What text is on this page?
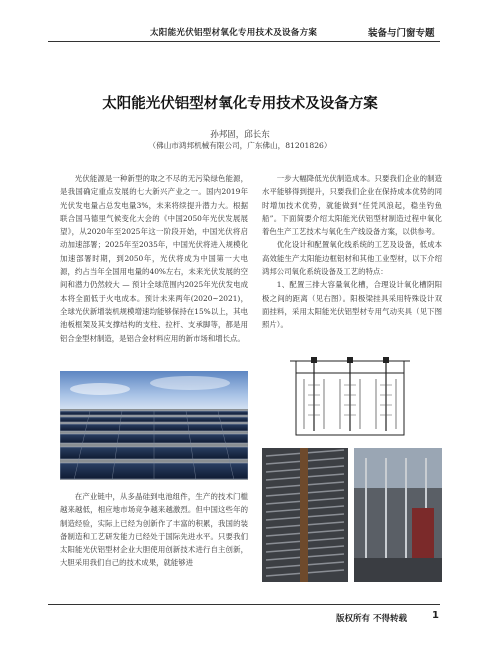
太阳能光伏铝型材氧化专用技术及设备方案	装备与门窗专题
太阳能光伏铝型材氧化专用技术及设备方案
孙邦固，邱长东
（佛山市鸿邦机械有限公司，广东佛山，81201826）

光伏能源是一种新型的取之不尽的无污染绿色能源，是我国确定重点发展的七大新兴产业之一。国内2019年光伏发电量占总发电量3%，未来将续提升潜力大。根据联合国马德里气候变化大会的《中国2050年光伏发展展望》，从2020年至2025年这一阶段开始，中国光伏将启动加速部署；2025年至2035年，中国光伏将进入规模化加速部署时期，到2050年，光伏将成为中国第一大电源，约占当年全国用电量的40%左右，未来光伏发展的空间和潜力仍然较大 — 预计全球范围内2025年光伏发电成本将全面低于火电成本。预计未来两年(2020~2021)，全球光伏新增装机规模增速均能够保持在15%以上，其电池板框架及其支撑结构的支柱、拉杆、支承脚等，都是用铝合金型材制造，是铝合金材料应用的新市场和增长点。

在产业链中，从多晶硅到电池组件，生产的技术门槛越来越低，相应地市场竞争越来越激烈。但中国这些年的制造经验，实际上已经为创新作了丰富的积累，我国的装备制造和工艺研发能力已经处于国际先进水平。只要我们太阳能光伏铝型材企业大胆使用创新技术进行自主创新，大胆采用我们自己的技术成果，就能够进

一步大幅降低光伏制造成本。只要我们企业的制造水平能够得到提升，只要我们企业在保持成本优势的同时增加技术优势，就能做到“任凭风浪起，稳坐钓鱼船”。下面简要介绍太阳能光伏铝型材制造过程中氧化着色生产工艺技术与氧化生产线设备方案，以供参考。

优化设计和配置氧化线系统的工艺及设备，低成本高效能生产太阳能边框铝材和其他工业型材，以下介绍鸿邦公司氧化系统设备及工艺的特点：

1、配置三排大容量氧化槽，合理设计氧化槽阴阳极之间的距离（见右图）。阳极梁挂具采用特殊设计双面挂料，采用太阳能光伏铝型材专用气动夹具（见下图照片）。

版权所有 不得转载	1
